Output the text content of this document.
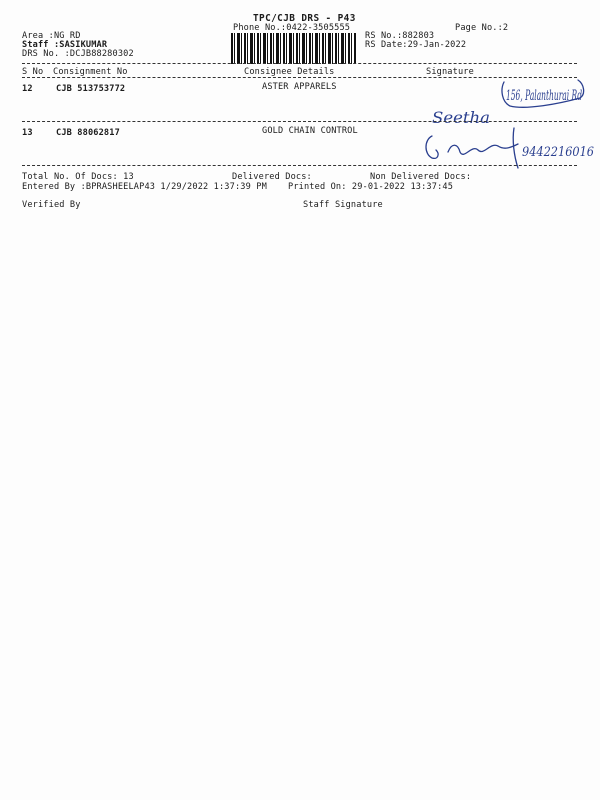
TPC/CJB DRS - P43
Phone No.:0422-3505555	Page No.:2
Area :NG RD
Staff :SASIKUMAR
DRS No. :DCJB88280302
RS No.:882803
RS Date:29-Jan-2022
S No Consignment No	Consignee Details	Signature
12	CJB 513753772	ASTER APPARELS
156, Palanthurai Rd
Seetha
13	CJB 88062817	GOLD CHAIN CONTROL
9442216016
Total No. Of Docs: 13	Delivered Docs:	Non Delivered Docs:
Entered By :BPRASHEELAP43 1/29/2022 1:37:39 PM Printed On: 29-01-2022 13:37:45
Verified By	Staff Signature
